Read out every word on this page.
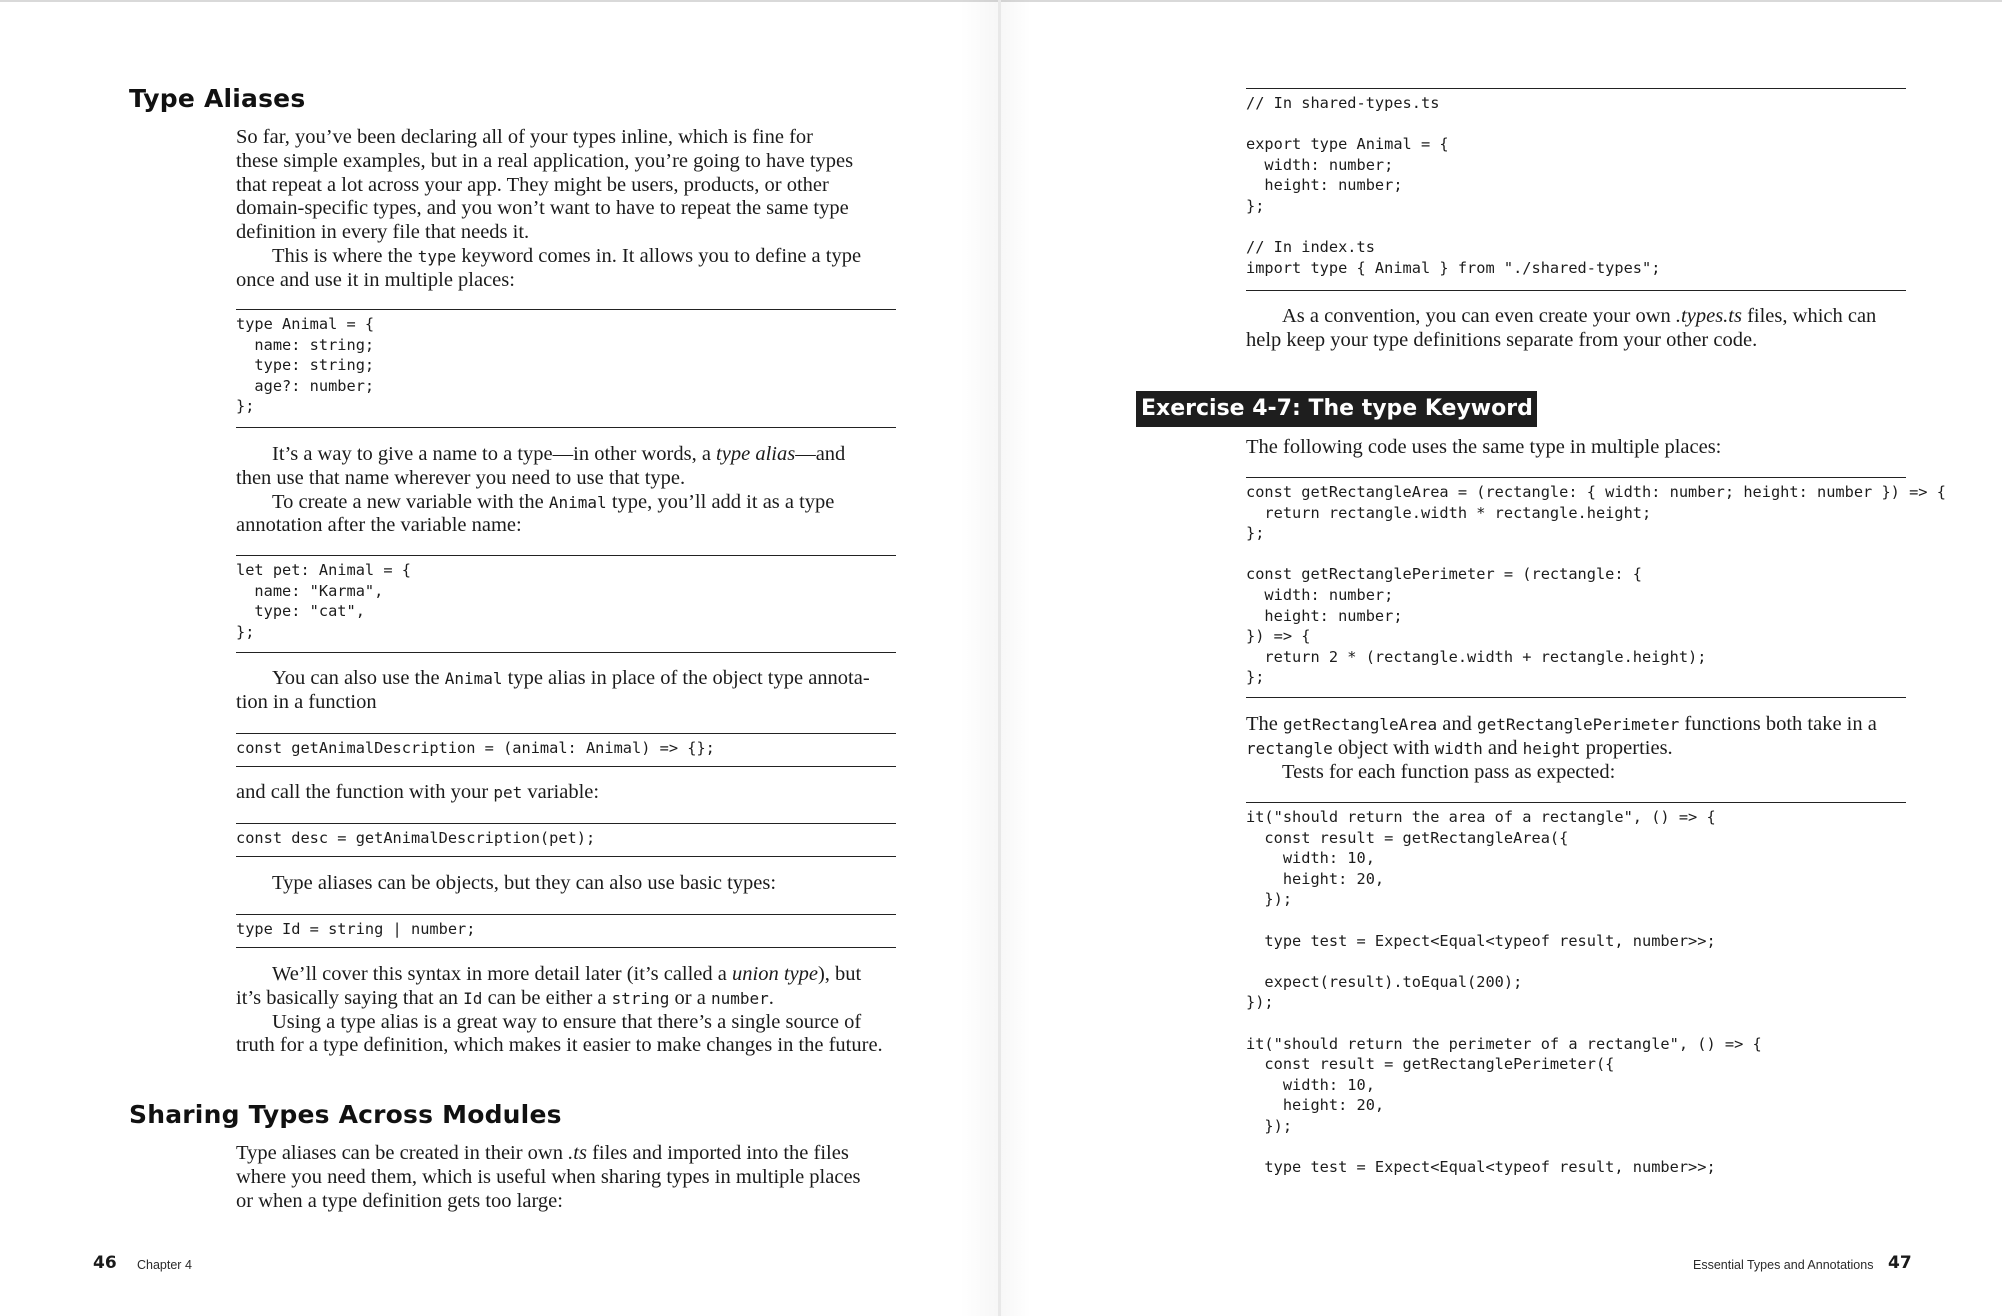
Type Aliases
So far, you’ve been declaring all of your types inline, which is fine for
these simple examples, but in a real application, you’re going to have types
that repeat a lot across your app. They might be users, products, or other
domain-specific types, and you won’t want to have to repeat the same type
definition in every file that needs it.
This is where the type keyword comes in. It allows you to define a type
once and use it in multiple places:
type Animal = {
name: string;
type: string;
age?: number;
};
It’s a way to give a name to a type—in other words, a type alias—and
then use that name wherever you need to use that type.
To create a new variable with the Animal type, you’ll add it as a type
annotation after the variable name:
let pet: Animal = {
name: "Karma",
type: "cat",
};
You can also use the Animal type alias in place of the object type annota-
tion in a function
const getAnimalDescription = (animal: Animal) => {};
and call the function with your pet variable:
const desc = getAnimalDescription(pet);
Type aliases can be objects, but they can also use basic types:
type Id = string | number;
We’ll cover this syntax in more detail later (it’s called a union type), but
it’s basically saying that an Id can be either a string or a number.
Using a type alias is a great way to ensure that there’s a single source of
truth for a type definition, which makes it easier to make changes in the future.
Sharing Types Across Modules
Type aliases can be created in their own .ts files and imported into the files
where you need them, which is useful when sharing types in multiple places
or when a type definition gets too large:
46 Chapter 4
// In shared-types.ts

export type Animal = {
width: number;
height: number;
};

// In index.ts
import type { Animal } from "./shared-types";
As a convention, you can even create your own .types.ts files, which can
help keep your type definitions separate from your other code.
Exercise 4-7: The type Keyword
The following code uses the same type in multiple places:
const getRectangleArea = (rectangle: { width: number; height: number }) => {
return rectangle.width * rectangle.height;
};

const getRectanglePerimeter = (rectangle: {
width: number;
height: number;
}) => {
return 2 * (rectangle.width + rectangle.height);
};
The getRectangleArea and getRectanglePerimeter functions both take in a
rectangle object with width and height properties.
Tests for each function pass as expected:
it("should return the area of a rectangle", () => {
const result = getRectangleArea({
width: 10,
height: 20,
});

type test = Expect<Equal<typeof result, number>>;

expect(result).toEqual(200);
});

it("should return the perimeter of a rectangle", () => {
const result = getRectanglePerimeter({
width: 10,
height: 20,
});

type test = Expect<Equal<typeof result, number>>;
Essential Types and Annotations 47
